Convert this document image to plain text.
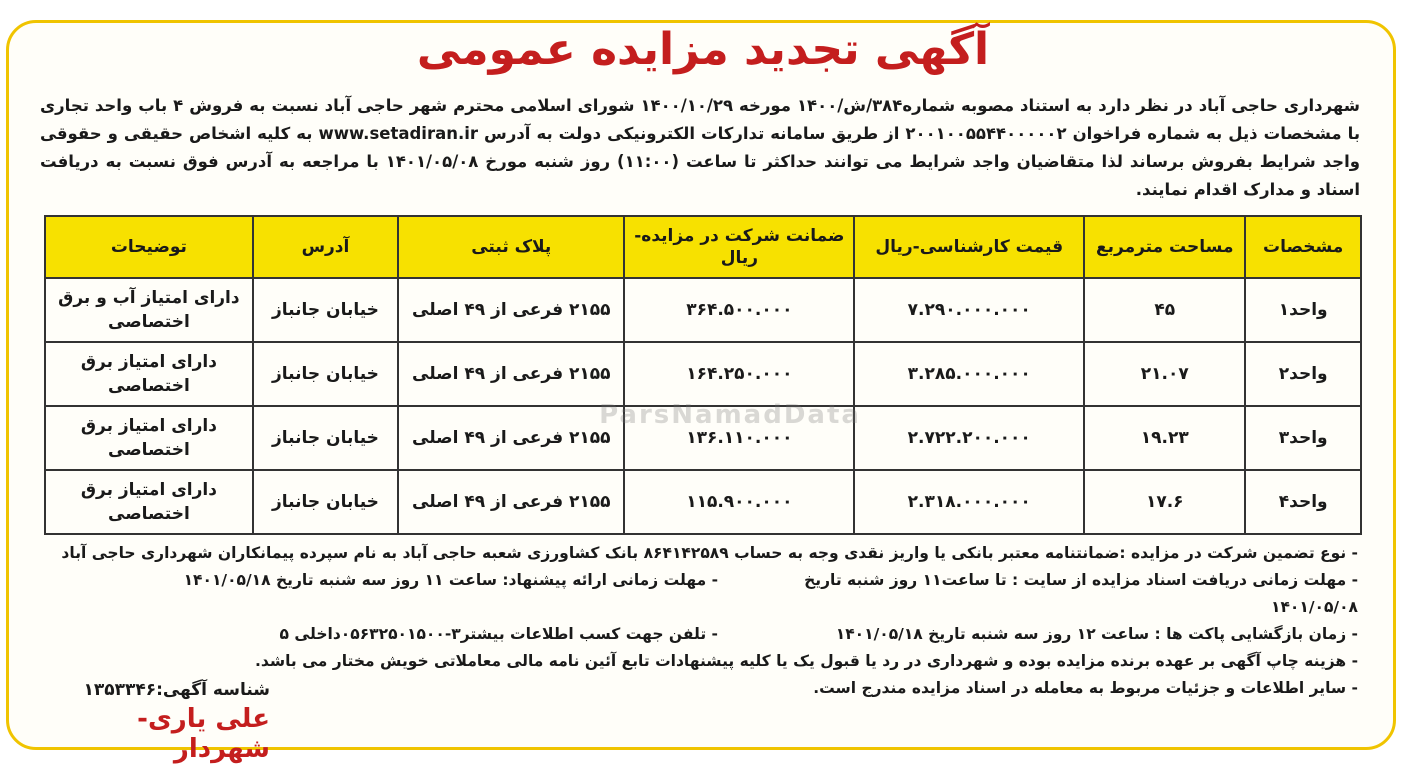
آگهی تجدید مزایده عمومی
شهرداری حاجی آباد در نظر دارد به استناد مصوبه شماره۳۸۴/ش/۱۴۰۰ مورخه ۱۴۰۰/۱۰/۲۹ شورای اسلامی محترم شهر حاجی آباد نسبت به فروش ۴ باب واحد تجاری با مشخصات ذیل به شماره فراخوان ۲۰۰۱۰۰۵۵۴۴۰۰۰۰۰۲ از طریق سامانه تدارکات الکترونیکی دولت به آدرس www.setadiran.ir به کلیه اشخاص حقیقی و حقوقی واجد شرایط بفروش برساند لذا متقاضیان واجد شرایط می توانند حداکثر تا ساعت (۱۱:۰۰) روز شنبه مورخ ۱۴۰۱/۰۵/۰۸ با مراجعه به آدرس فوق نسبت به دریافت اسناد و مدارک اقدام نمایند.
مشخصات	مساحت مترمربع	قیمت کارشناسی-ریال	ضمانت شرکت در مزایده-ریال	پلاک ثبتی	آدرس	توضیحات
واحد۱	۴۵	۷.۲۹۰.۰۰۰.۰۰۰	۳۶۴.۵۰۰.۰۰۰	۲۱۵۵ فرعی از ۴۹ اصلی	خیابان جانباز	دارای امتیاز آب و برق اختصاصی
واحد۲	۲۱.۰۷	۳.۲۸۵.۰۰۰.۰۰۰	۱۶۴.۲۵۰.۰۰۰	۲۱۵۵ فرعی از ۴۹ اصلی	خیابان جانباز	دارای امتیاز برق اختصاصی
واحد۳	۱۹.۲۳	۲.۷۲۲.۲۰۰.۰۰۰	۱۳۶.۱۱۰.۰۰۰	۲۱۵۵ فرعی از ۴۹ اصلی	خیابان جانباز	دارای امتیاز برق اختصاصی
واحد۴	۱۷.۶	۲.۳۱۸.۰۰۰.۰۰۰	۱۱۵.۹۰۰.۰۰۰	۲۱۵۵ فرعی از ۴۹ اصلی	خیابان جانباز	دارای امتیاز برق اختصاصی
ParsNamadData

- نوع تضمین شرکت در مزایده :ضمانتنامه معتبر بانکی یا واریز نقدی وجه به حساب ۸۶۴۱۴۲۵۸۹ بانک کشاورزی شعبه حاجی آباد به نام سپرده پیمانکاران شهرداری حاجی آباد

- مهلت زمانی دریافت اسناد مزایده از سایت : تا ساعت۱۱ روز شنبه تاریخ ۱۴۰۱/۰۵/۰۸
- مهلت زمانی ارائه پیشنهاد: ساعت ۱۱ روز سه شنبه تاریخ ۱۴۰۱/۰۵/۱۸
- زمان بازگشایی پاکت ها : ساعت ۱۲ روز سه شنبه تاریخ ۱۴۰۱/۰۵/۱۸
- تلفن جهت کسب اطلاعات بیشتر۳-۰۵۶۳۲۵۰۱۵۰۰داخلی ۵

- هزینه چاپ آگهی بر عهده برنده مزایده بوده و شهرداری در رد یا قبول یک یا کلیه پیشنهادات تابع آئین نامه مالی معاملاتی خویش مختار می باشد.

- سایر اطلاعات و جزئیات مربوط به معامله در اسناد مزایده مندرج است.

شناسه آگهی:۱۳۵۳۳۴۶
علی یاری- شهردار
